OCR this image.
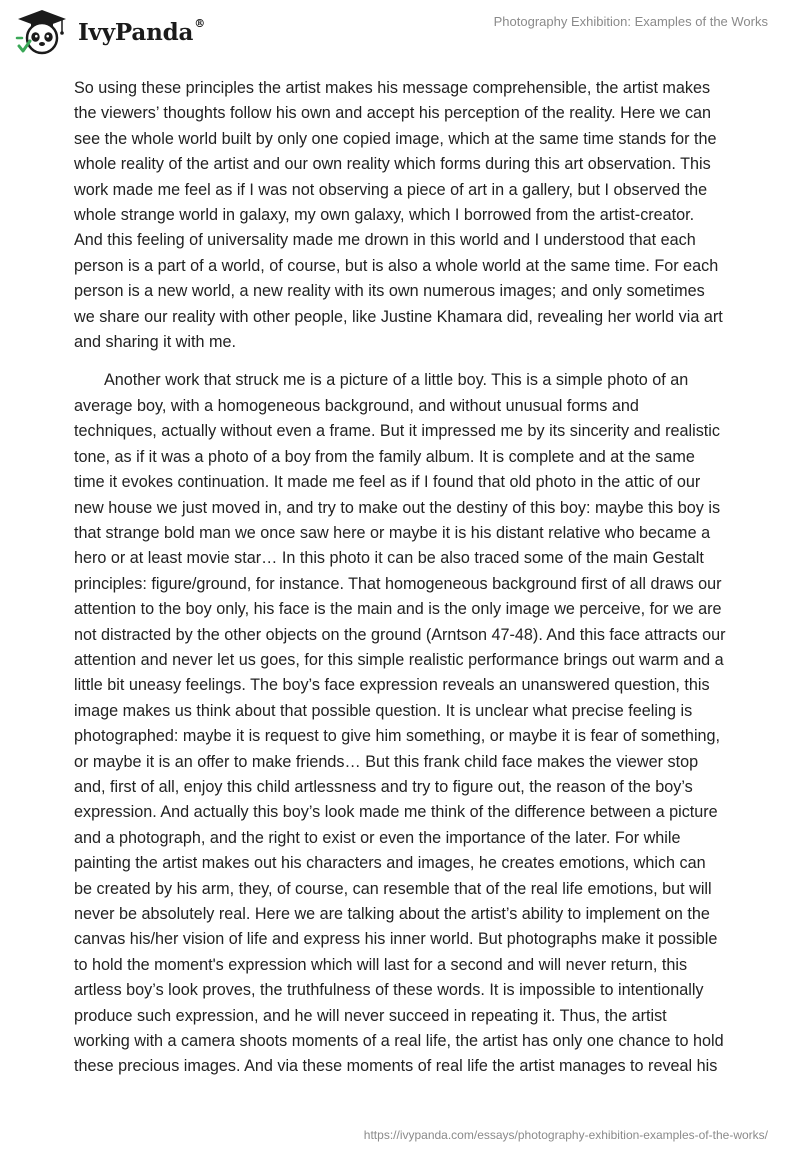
IvyPanda®	Photography Exhibition: Examples of the Works

So using these principles the artist makes his message comprehensible, the artist makes the viewers’ thoughts follow his own and accept his perception of the reality. Here we can see the whole world built by only one copied image, which at the same time stands for the whole reality of the artist and our own reality which forms during this art observation. This work made me feel as if I was not observing a piece of art in a gallery, but I observed the whole strange world in galaxy, my own galaxy, which I borrowed from the artist-creator. And this feeling of universality made me drown in this world and I understood that each person is a part of a world, of course, but is also a whole world at the same time. For each person is a new world, a new reality with its own numerous images; and only sometimes we share our reality with other people, like Justine Khamara did, revealing her world via art and sharing it with me.

Another work that struck me is a picture of a little boy. This is a simple photo of an average boy, with a homogeneous background, and without unusual forms and techniques, actually without even a frame. But it impressed me by its sincerity and realistic tone, as if it was a photo of a boy from the family album. It is complete and at the same time it evokes continuation. It made me feel as if I found that old photo in the attic of our new house we just moved in, and try to make out the destiny of this boy: maybe this boy is that strange bold man we once saw here or maybe it is his distant relative who became a hero or at least movie star… In this photo it can be also traced some of the main Gestalt principles: figure/ground, for instance. That homogeneous background first of all draws our attention to the boy only, his face is the main and is the only image we perceive, for we are not distracted by the other objects on the ground (Arntson 47-48). And this face attracts our attention and never let us goes, for this simple realistic performance brings out warm and a little bit uneasy feelings. The boy’s face expression reveals an unanswered question, this image makes us think about that possible question. It is unclear what precise feeling is photographed: maybe it is request to give him something, or maybe it is fear of something, or maybe it is an offer to make friends… But this frank child face makes the viewer stop and, first of all, enjoy this child artlessness and try to figure out, the reason of the boy’s expression. And actually this boy’s look made me think of the difference between a picture and a photograph, and the right to exist or even the importance of the later. For while painting the artist makes out his characters and images, he creates emotions, which can be created by his arm, they, of course, can resemble that of the real life emotions, but will never be absolutely real. Here we are talking about the artist’s ability to implement on the canvas his/her vision of life and express his inner world. But photographs make it possible to hold the moment's expression which will last for a second and will never return, this artless boy’s look proves, the truthfulness of these words. It is impossible to intentionally produce such expression, and he will never succeed in repeating it. Thus, the artist working with a camera shoots moments of a real life, the artist has only one chance to hold these precious images. And via these moments of real life the artist manages to reveal his

https://ivypanda.com/essays/photography-exhibition-examples-of-the-works/
